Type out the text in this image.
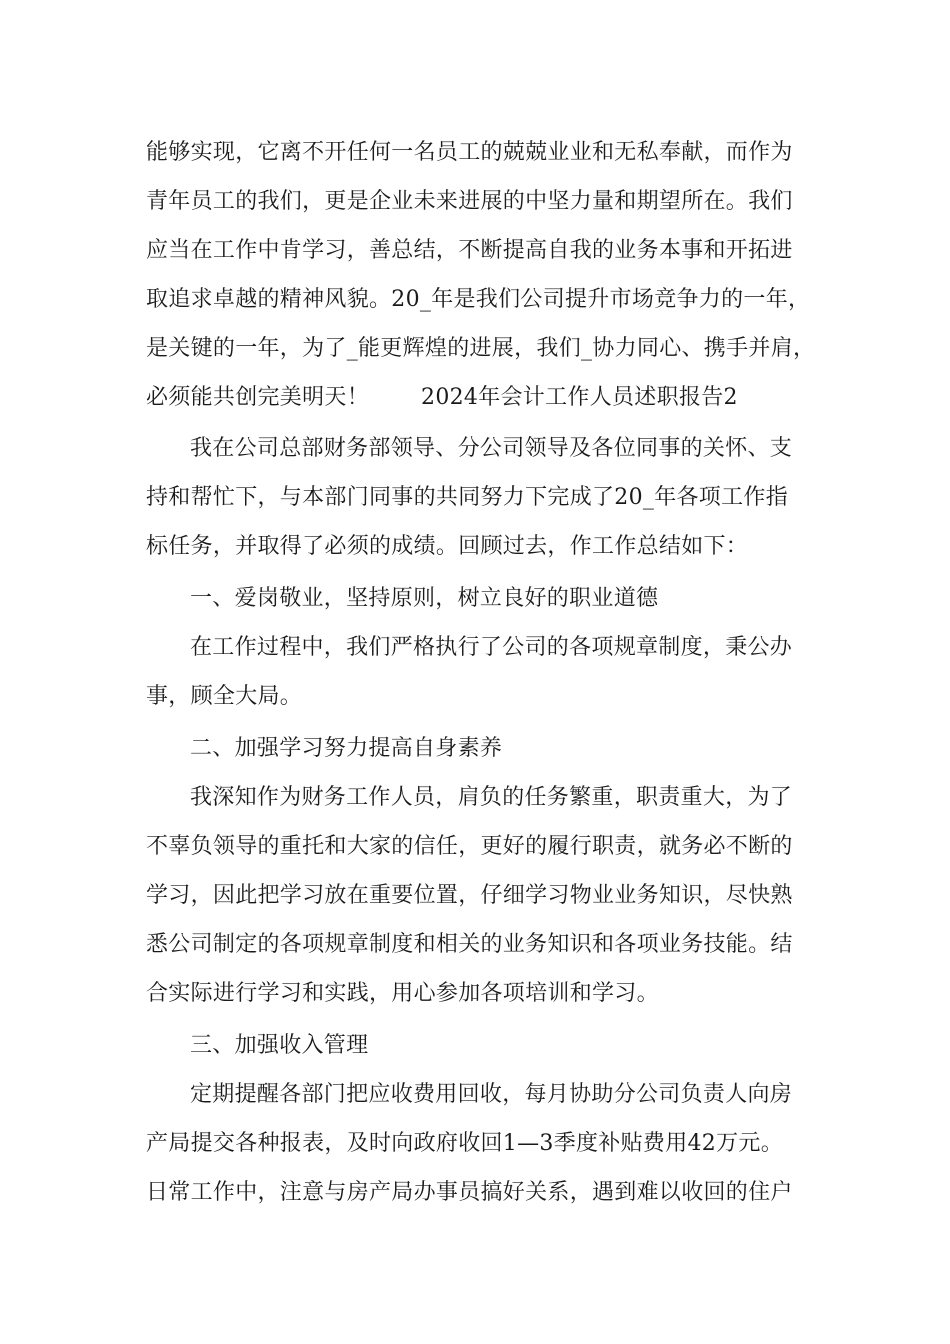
能够实现，它离不开任何一名员工的兢兢业业和无私奉献，而作为
青年员工的我们，更是企业未来进展的中坚力量和期望所在。我们
应当在工作中肯学习，善总结，不断提高自我的业务本事和开拓进
取追求卓越的精神风貌。20_年是我们公司提升市场竞争力的一年，
是关键的一年，为了_能更辉煌的进展，我们_协力同心、携手并肩，
必须能共创完美明天！ 2024年会计工作人员述职报告2
我在公司总部财务部领导、分公司领导及各位同事的关怀、支
持和帮忙下，与本部门同事的共同努力下完成了20_年各项工作指
标任务，并取得了必须的成绩。回顾过去，作工作总结如下：
一、爱岗敬业，坚持原则，树立良好的职业道德
在工作过程中，我们严格执行了公司的各项规章制度，秉公办
事，顾全大局。
二、加强学习努力提高自身素养
我深知作为财务工作人员，肩负的任务繁重，职责重大，为了
不辜负领导的重托和大家的信任，更好的履行职责，就务必不断的
学习，因此把学习放在重要位置，仔细学习物业业务知识，尽快熟
悉公司制定的各项规章制度和相关的业务知识和各项业务技能。结
合实际进行学习和实践，用心参加各项培训和学习。
三、加强收入管理
定期提醒各部门把应收费用回收，每月协助分公司负责人向房
产局提交各种报表，及时向政府收回1—3季度补贴费用42万元。
日常工作中，注意与房产局办事员搞好关系，遇到难以收回的住户
